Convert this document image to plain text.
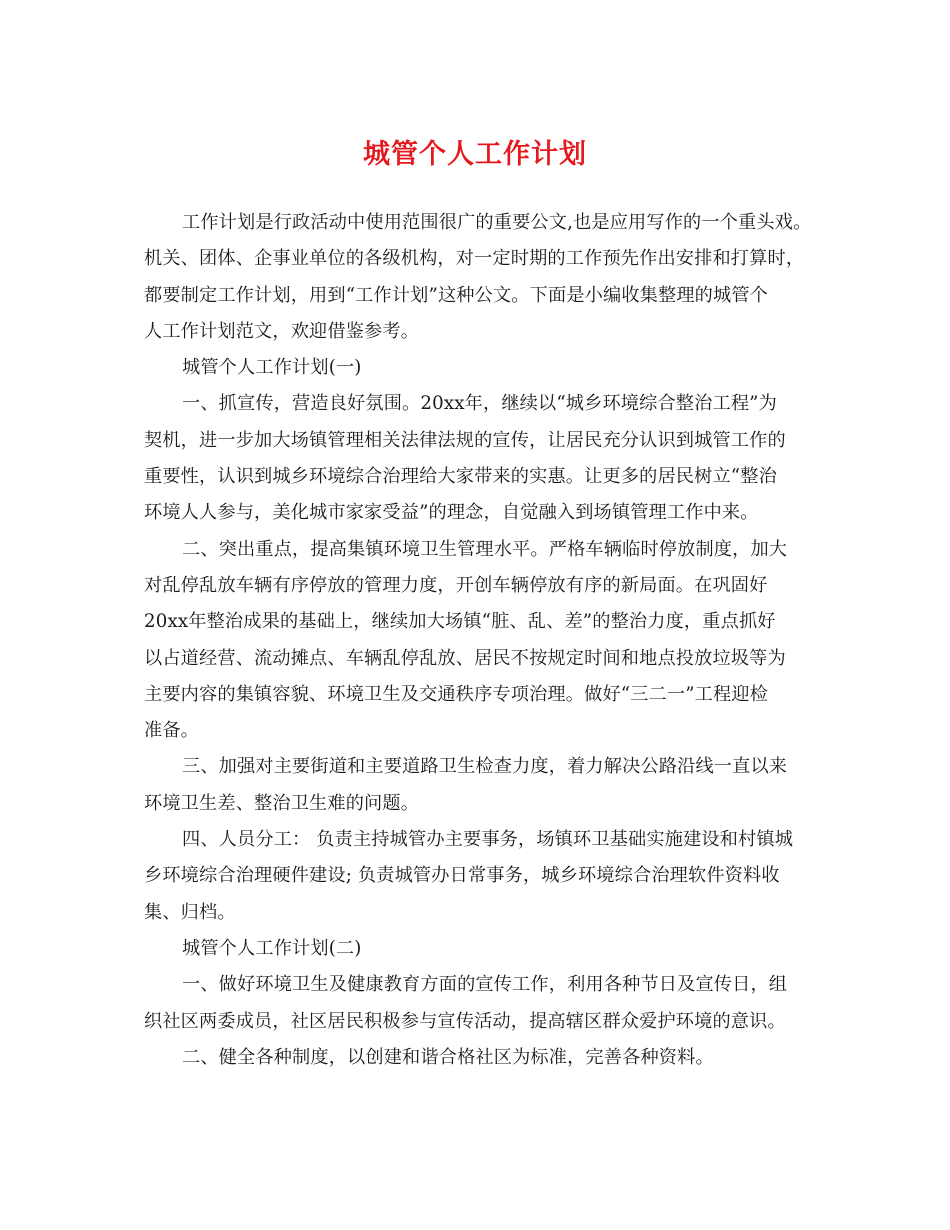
城管个人工作计划
工作计划是行政活动中使用范围很广的重要公文,也是应用写作的一个重头戏。
机关、团体、企事业单位的各级机构，对一定时期的工作预先作出安排和打算时，
都要制定工作计划，用到“工作计划”这种公文。下面是小编收集整理的城管个
人工作计划范文，欢迎借鉴参考。
城管个人工作计划(一)
一、抓宣传，营造良好氛围。20xx年，继续以“城乡环境综合整治工程”为
契机，进一步加大场镇管理相关法律法规的宣传，让居民充分认识到城管工作的
重要性，认识到城乡环境综合治理给大家带来的实惠。让更多的居民树立“整治
环境人人参与，美化城市家家受益”的理念，自觉融入到场镇管理工作中来。
二、突出重点，提高集镇环境卫生管理水平。严格车辆临时停放制度，加大
对乱停乱放车辆有序停放的管理力度，开创车辆停放有序的新局面。在巩固好
20xx年整治成果的基础上，继续加大场镇“脏、乱、差”的整治力度，重点抓好
以占道经营、流动摊点、车辆乱停乱放、居民不按规定时间和地点投放垃圾等为
主要内容的集镇容貌、环境卫生及交通秩序专项治理。做好“三二一”工程迎检
准备。
三、加强对主要街道和主要道路卫生检查力度，着力解决公路沿线一直以来
环境卫生差、整治卫生难的问题。
四、人员分工： 负责主持城管办主要事务，场镇环卫基础实施建设和村镇城
乡环境综合治理硬件建设; 负责城管办日常事务，城乡环境综合治理软件资料收
集、归档。
城管个人工作计划(二)
一、做好环境卫生及健康教育方面的宣传工作，利用各种节日及宣传日，组
织社区两委成员，社区居民积极参与宣传活动，提高辖区群众爱护环境的意识。
二、健全各种制度，以创建和谐合格社区为标准，完善各种资料。
